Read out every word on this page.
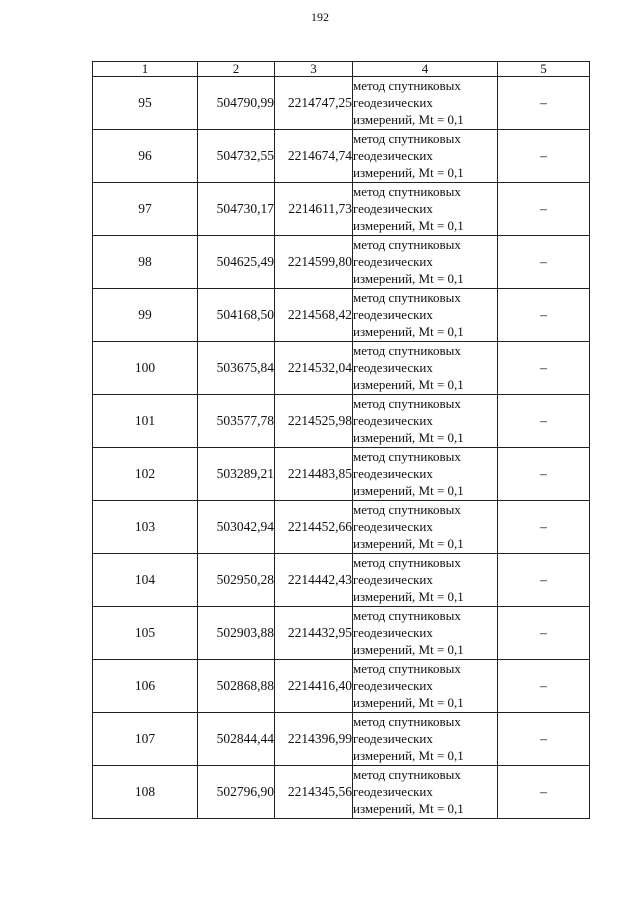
192
1	2	3	4	5
95	504790,99	2214747,25	метод спутниковых
геодезических
измерений, Mt = 0,1	–
96	504732,55	2214674,74	метод спутниковых
геодезических
измерений, Mt = 0,1	–
97	504730,17	2214611,73	метод спутниковых
геодезических
измерений, Mt = 0,1	–
98	504625,49	2214599,80	метод спутниковых
геодезических
измерений, Mt = 0,1	–
99	504168,50	2214568,42	метод спутниковых
геодезических
измерений, Mt = 0,1	–
100	503675,84	2214532,04	метод спутниковых
геодезических
измерений, Mt = 0,1	–
101	503577,78	2214525,98	метод спутниковых
геодезических
измерений, Mt = 0,1	–
102	503289,21	2214483,85	метод спутниковых
геодезических
измерений, Mt = 0,1	–
103	503042,94	2214452,66	метод спутниковых
геодезических
измерений, Mt = 0,1	–
104	502950,28	2214442,43	метод спутниковых
геодезических
измерений, Mt = 0,1	–
105	502903,88	2214432,95	метод спутниковых
геодезических
измерений, Mt = 0,1	–
106	502868,88	2214416,40	метод спутниковых
геодезических
измерений, Mt = 0,1	–
107	502844,44	2214396,99	метод спутниковых
геодезических
измерений, Mt = 0,1	–
108	502796,90	2214345,56	метод спутниковых
геодезических
измерений, Mt = 0,1	–
